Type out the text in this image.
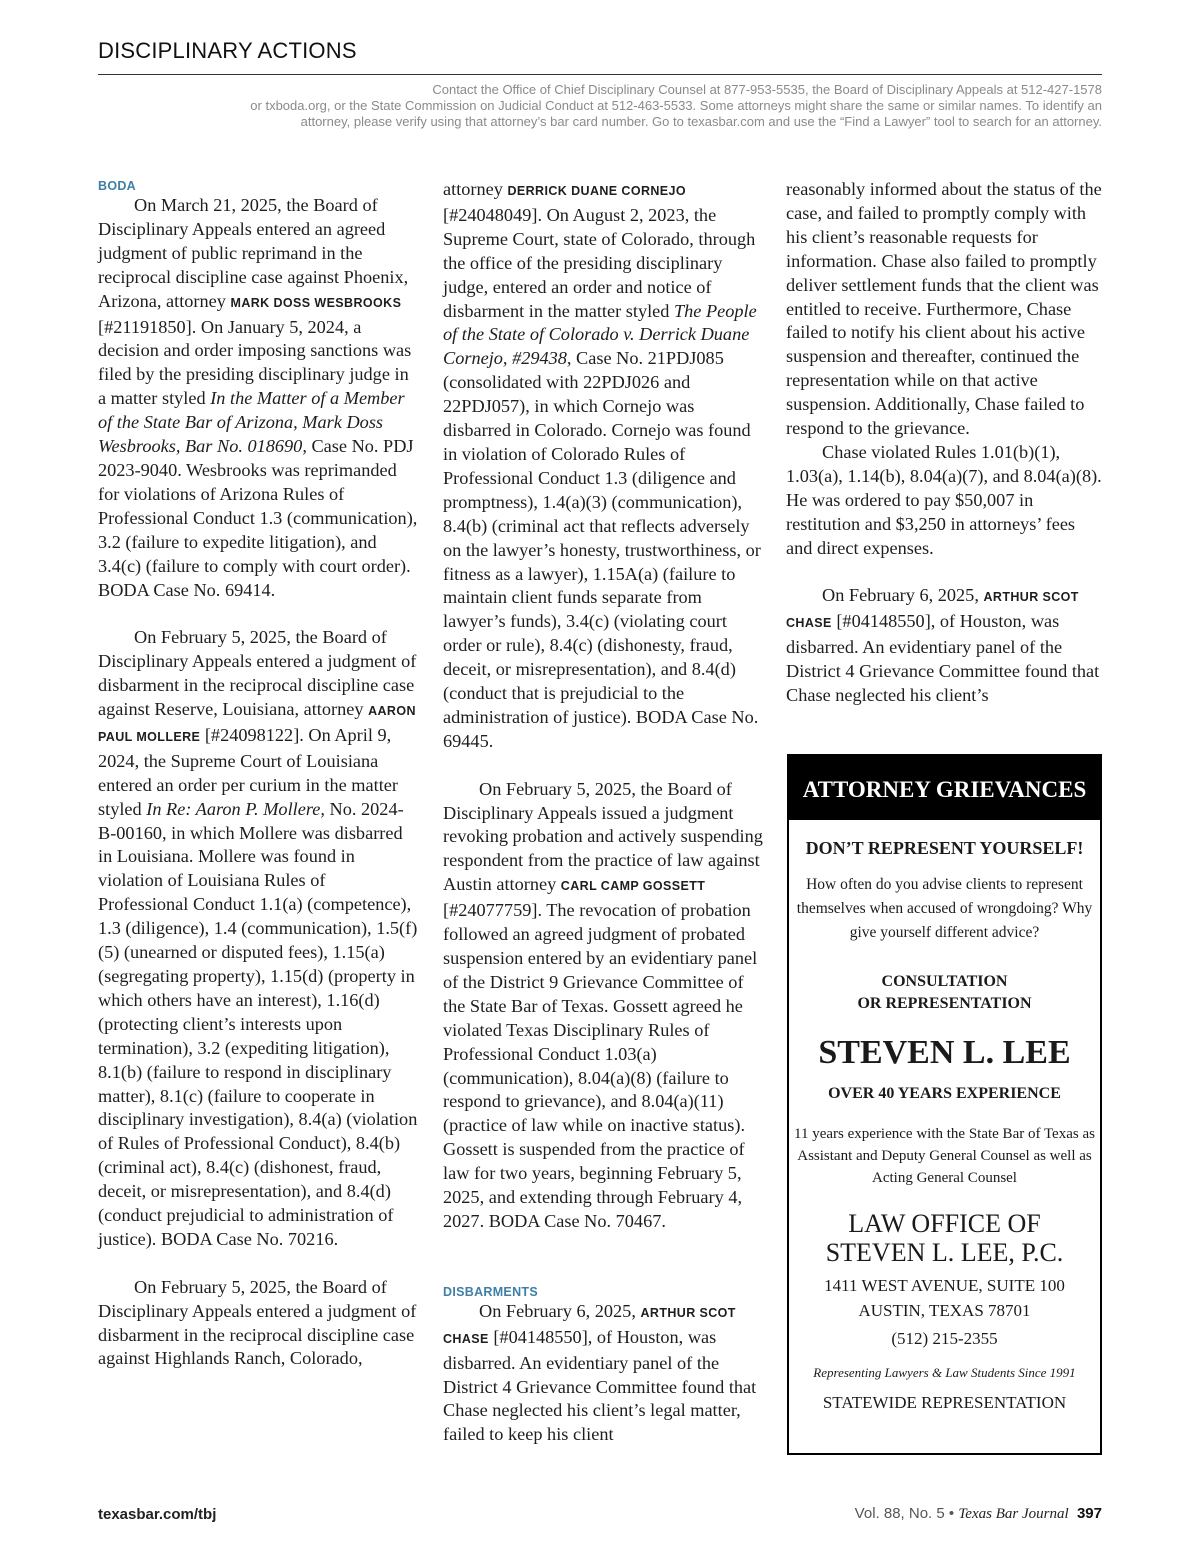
DISCIPLINARY ACTIONS
Contact the Office of Chief Disciplinary Counsel at 877-953-5535, the Board of Disciplinary Appeals at 512-427-1578
or txboda.org, or the State Commission on Judicial Conduct at 512-463-5533. Some attorneys might share the same or similar names. To identify an
attorney, please verify using that attorney’s bar card number. Go to texasbar.com and use the “Find a Lawyer” tool to search for an attorney.

BODA

On March 21, 2025, the Board of Disciplinary Appeals entered an agreed judgment of public reprimand in the reciprocal discipline case against Phoenix, Arizona, attorney MARK DOSS WESBROOKS [#21191850]. On January 5, 2024, a decision and order imposing sanctions was filed by the presiding disciplinary judge in a matter styled In the Matter of a Member of the State Bar of Arizona, Mark Doss Wesbrooks, Bar No. 018690, Case No. PDJ 2023-9040. Wesbrooks was reprimanded for violations of Arizona Rules of Professional Conduct 1.3 (communication), 3.2 (failure to expedite litigation), and 3.4(c) (failure to comply with court order). BODA Case No. 69414.

On February 5, 2025, the Board of Disciplinary Appeals entered a judgment of disbarment in the reciprocal discipline case against Reserve, Louisiana, attorney AARON PAUL MOLLERE [#24098122]. On April 9, 2024, the Supreme Court of Louisiana entered an order per curium in the matter styled In Re: Aaron P. Mollere, No. 2024-B-00160, in which Mollere was disbarred in Louisiana. Mollere was found in violation of Louisiana Rules of Professional Conduct 1.1(a) (competence), 1.3 (diligence), 1.4 (communication), 1.5(f)(5) (unearned or disputed fees), 1.15(a) (segregating property), 1.15(d) (property in which others have an interest), 1.16(d) (protecting client’s interests upon termination), 3.2 (expediting litigation), 8.1(b) (failure to respond in disciplinary matter), 8.1(c) (failure to cooperate in disciplinary investigation), 8.4(a) (violation of Rules of Professional Conduct), 8.4(b) (criminal act), 8.4(c) (dishonest, fraud, deceit, or misrepresentation), and 8.4(d) (conduct prejudicial to administration of justice). BODA Case No. 70216.

On February 5, 2025, the Board of Disciplinary Appeals entered a judgment of disbarment in the reciprocal discipline case against Highlands Ranch, Colorado,

attorney DERRICK DUANE CORNEJO [#24048049]. On August 2, 2023, the Supreme Court, state of Colorado, through the office of the presiding disciplinary judge, entered an order and notice of disbarment in the matter styled The People of the State of Colorado v. Derrick Duane Cornejo, #29438, Case No. 21PDJ085 (consolidated with 22PDJ026 and 22PDJ057), in which Cornejo was disbarred in Colorado. Cornejo was found in violation of Colorado Rules of Professional Conduct 1.3 (diligence and promptness), 1.4(a)(3) (communication), 8.4(b) (criminal act that reflects adversely on the lawyer’s honesty, trustworthiness, or fitness as a lawyer), 1.15A(a) (failure to maintain client funds separate from lawyer’s funds), 3.4(c) (violating court order or rule), 8.4(c) (dishonesty, fraud, deceit, or misrepresentation), and 8.4(d) (conduct that is prejudicial to the administration of justice). BODA Case No. 69445.

On February 5, 2025, the Board of Disciplinary Appeals issued a judgment revoking probation and actively suspending respondent from the practice of law against Austin attorney CARL CAMP GOSSETT [#24077759]. The revocation of probation followed an agreed judgment of probated suspension entered by an evidentiary panel of the District 9 Grievance Committee of the State Bar of Texas. Gossett agreed he violated Texas Disciplinary Rules of Professional Conduct 1.03(a) (communication), 8.04(a)(8) (failure to respond to grievance), and 8.04(a)(11) (practice of law while on inactive status). Gossett is suspended from the practice of law for two years, beginning February 5, 2025, and extending through February 4, 2027. BODA Case No. 70467.

DISBARMENTS

On February 6, 2025, ARTHUR SCOT CHASE [#04148550], of Houston, was disbarred. An evidentiary panel of the District 4 Grievance Committee found that Chase neglected his client’s legal matter, failed to keep his client

reasonably informed about the status of the case, and failed to promptly comply with his client’s reasonable requests for information. Chase also failed to promptly deliver settlement funds that the client was entitled to receive. Furthermore, Chase failed to notify his client about his active suspension and thereafter, continued the representation while on that active suspension. Additionally, Chase failed to respond to the grievance.

Chase violated Rules 1.01(b)(1), 1.03(a), 1.14(b), 8.04(a)(7), and 8.04(a)(8). He was ordered to pay $50,007 in restitution and $3,250 in attorneys’ fees and direct expenses.

On February 6, 2025, ARTHUR SCOT CHASE [#04148550], of Houston, was disbarred. An evidentiary panel of the District 4 Grievance Committee found that Chase neglected his client’s

ATTORNEY GRIEVANCES

DON’T REPRESENT YOURSELF!

How often do you advise clients to represent themselves when accused of wrongdoing? Why give yourself different advice?

CONSULTATION
OR REPRESENTATION

STEVEN L. LEE

OVER 40 YEARS EXPERIENCE

11 years experience with the State Bar of Texas as Assistant and Deputy General Counsel as well as Acting General Counsel

LAW OFFICE OF
STEVEN L. LEE, P.C.

1411 WEST AVENUE, SUITE 100
AUSTIN, TEXAS 78701

(512) 215-2355

Representing Lawyers & Law Students Since 1991

STATEWIDE REPRESENTATION

texasbar.com/tbj	Vol. 88, No. 5 • Texas Bar Journal 397
